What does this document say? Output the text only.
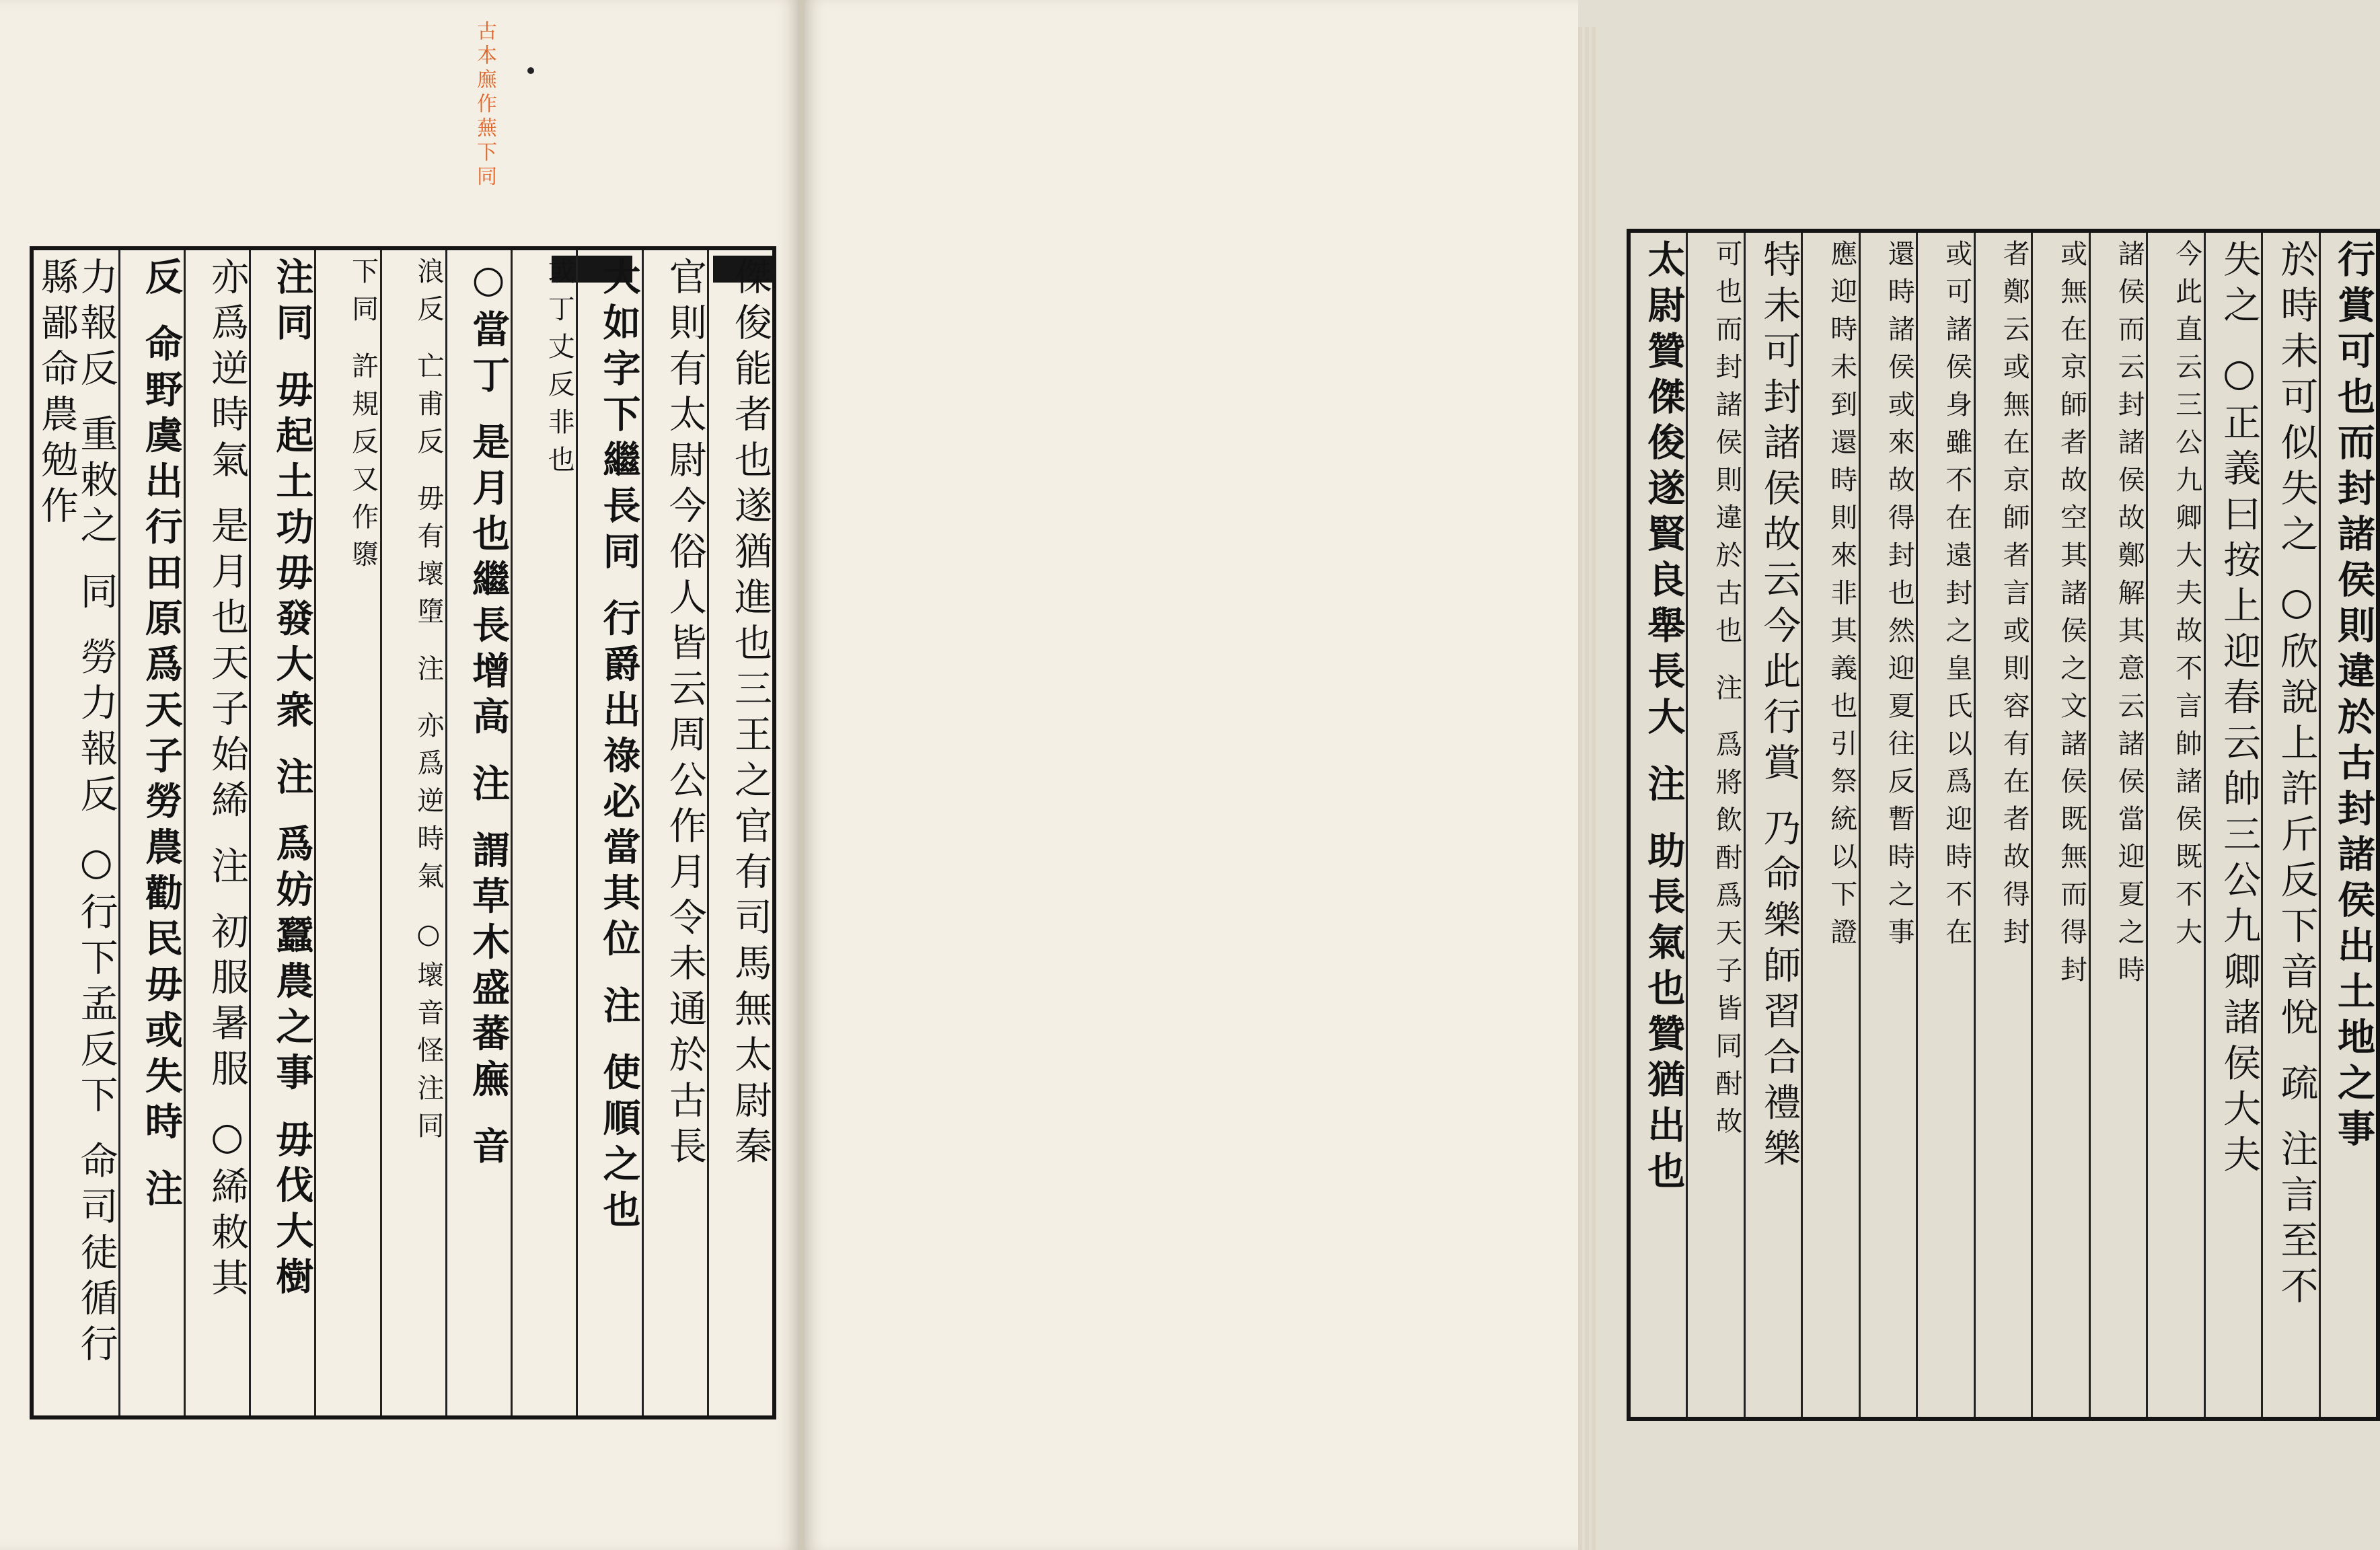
古本廡作蕪下同
傑俊能者也遂猶進也三王之官有司馬無太尉秦
官則有太尉今俗人皆云周公作月令未通於古長
大如字下繼長同 行爵出祿必當其位 注 使順之也
或丁丈反非也
○當丁 是月也繼長增高 注 謂草木盛蕃廡 音
浪反 亡甫反 毋有壞墮 注 亦爲逆時氣 ○壞音怪注同
下同 許規反又作隳
注同 毋起土功毋發大衆 注 爲妨蠶農之事 毋伐大樹
亦爲逆時氣 是月也天子始絺 注 初服暑服 ○絺敕其
反 命野虞出行田原爲天子勞農勸民毋或失時 注
力報反 重敕之 同 勞力報反 ○行下孟反下 命司徒循行縣鄙命農勉作	行賞可也而封諸侯則違於古封諸侯出土地之事
於時未可似失之 ○欣說上許斤反下音悅 疏 注言至不
失之 ○正義曰按上迎春云帥三公九卿諸侯大夫
今此直云三公九卿大夫故不言帥諸侯既不大
諸侯而云封諸侯故鄭解其意云諸侯當迎夏之時
或無在京師者故空其諸侯之文諸侯既無而得封
者鄭云或無在京師者言或則容有在者故得封
或可諸侯身雖不在遠封之皇氏以爲迎時不在
還時諸侯或來故得封也然迎夏往反暫時之事
應迎時未到還時則來非其義也引祭統以下證
特未可封諸侯故云今此行賞 乃命樂師習合禮樂
可也而封諸侯則違於古也 注 爲將飲酎爲天子皆同酎故
太尉贊傑俊遂賢良舉長大 注 助長氣也贊猶出也
